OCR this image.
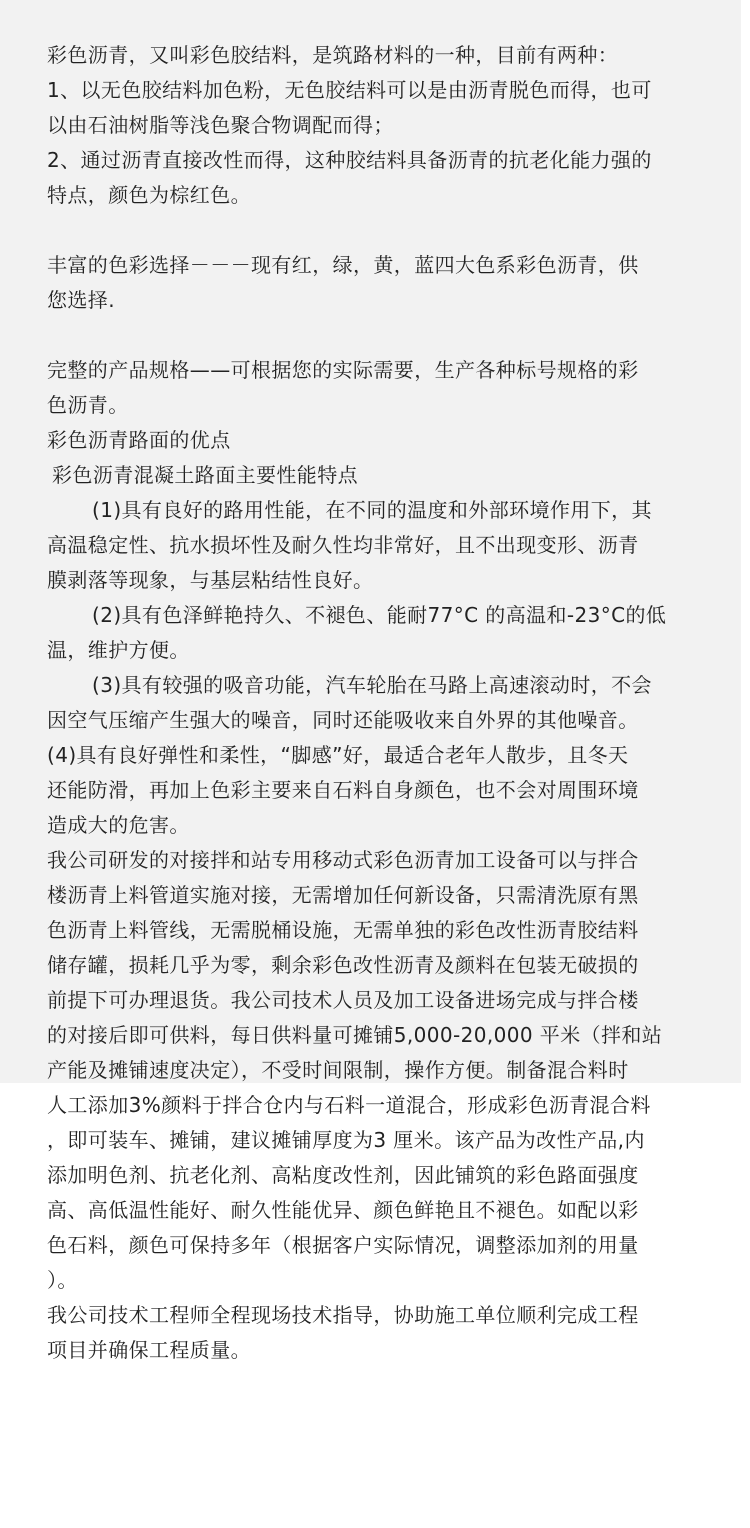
彩色沥青，又叫彩色胶结料，是筑路材料的一种，目前有两种：
1、以无色胶结料加色粉，无色胶结料可以是由沥青脱色而得，也可
以由石油树脂等浅色聚合物调配而得；
2、通过沥青直接改性而得，这种胶结料具备沥青的抗老化能力强的
特点，颜色为棕红色。
丰富的色彩选择－－－现有红，绿，黄，蓝四大色系彩色沥青，供
您选择.
完整的产品规格——可根据您的实际需要，生产各种标号规格的彩
色沥青。
彩色沥青路面的优点
彩色沥青混凝土路面主要性能特点
(1)具有良好的路用性能，在不同的温度和外部环境作用下，其
高温稳定性、抗水损坏性及耐久性均非常好，且不出现变形、沥青
膜剥落等现象，与基层粘结性良好。
(2)具有色泽鲜艳持久、不褪色、能耐77°C 的高温和-23°C的低
温，维护方便。
(3)具有较强的吸音功能，汽车轮胎在马路上高速滚动时，不会
因空气压缩产生强大的噪音，同时还能吸收来自外界的其他噪音。
(4)具有良好弹性和柔性，“脚感”好，最适合老年人散步，且冬天
还能防滑，再加上色彩主要来自石料自身颜色，也不会对周围环境
造成大的危害。
我公司研发的对接拌和站专用移动式彩色沥青加工设备可以与拌合
楼沥青上料管道实施对接，无需增加任何新设备，只需清洗原有黑
色沥青上料管线，无需脱桶设施，无需单独的彩色改性沥青胶结料
储存罐，损耗几乎为零，剩余彩色改性沥青及颜料在包装无破损的
前提下可办理退货。我公司技术人员及加工设备进场完成与拌合楼
的对接后即可供料，每日供料量可摊铺5,000-20,000 平米（拌和站
产能及摊铺速度决定），不受时间限制，操作方便。制备混合料时
人工添加3%颜料于拌合仓内与石料一道混合，形成彩色沥青混合料
，即可装车、摊铺，建议摊铺厚度为3 厘米。该产品为改性产品,内
添加明色剂、抗老化剂、高粘度改性剂，因此铺筑的彩色路面强度
高、高低温性能好、耐久性能优异、颜色鲜艳且不褪色。如配以彩
色石料，颜色可保持多年（根据客户实际情况，调整添加剂的用量
）。
我公司技术工程师全程现场技术指导，协助施工单位顺利完成工程
项目并确保工程质量。
